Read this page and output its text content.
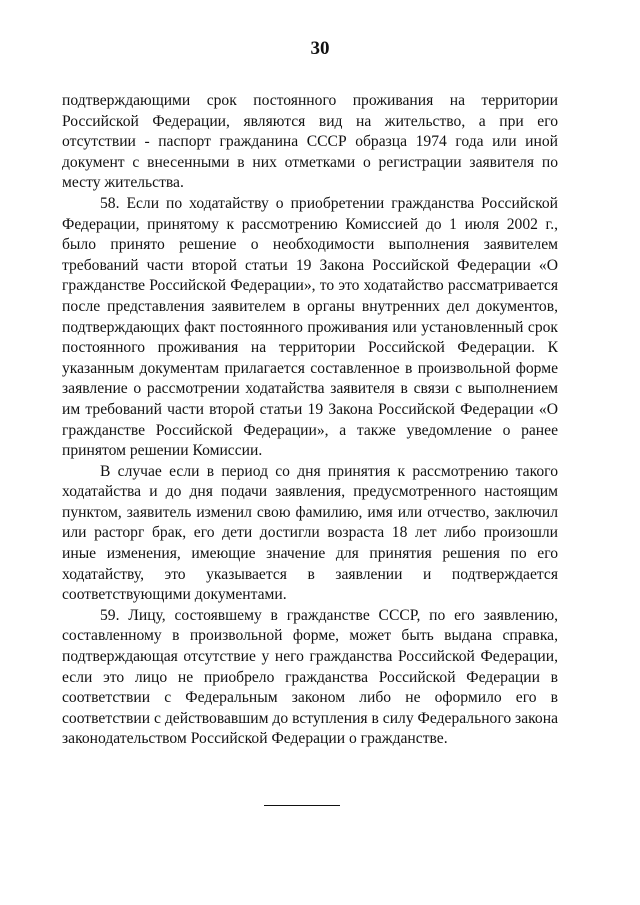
30

подтверждающими срок постоянного проживания на территории Российской Федерации, являются вид на жительство, а при его отсутствии - паспорт гражданина СССР образца 1974 года или иной документ с внесенными в них отметками о регистрации заявителя по месту жительства.

58. Если по ходатайству о приобретении гражданства Российской Федерации, принятому к рассмотрению Комиссией до 1 июля 2002 г., было принято решение о необходимости выполнения заявителем требований части второй статьи 19 Закона Российской Федерации «О гражданстве Российской Федерации», то это ходатайство рассматривается после представления заявителем в органы внутренних дел документов, подтверждающих факт постоянного проживания или установленный срок постоянного проживания на территории Российской Федерации. К указанным документам прилагается составленное в произвольной форме заявление о рассмотрении ходатайства заявителя в связи с выполнением им требований части второй статьи 19 Закона Российской Федерации «О гражданстве Российской Федерации», а также уведомление о ранее принятом решении Комиссии.

В случае если в период со дня принятия к рассмотрению такого ходатайства и до дня подачи заявления, предусмотренного настоящим пунктом, заявитель изменил свою фамилию, имя или отчество, заключил или расторг брак, его дети достигли возраста 18 лет либо произошли иные изменения, имеющие значение для принятия решения по его ходатайству, это указывается в заявлении и подтверждается соответствующими документами.

59. Лицу, состоявшему в гражданстве СССР, по его заявлению, составленному в произвольной форме, может быть выдана справка, подтверждающая отсутствие у него гражданства Российской Федерации, если это лицо не приобрело гражданства Российской Федерации в соответствии с Федеральным законом либо не оформило его в соответствии с действовавшим до вступления в силу Федерального закона законодательством Российской Федерации о гражданстве.
